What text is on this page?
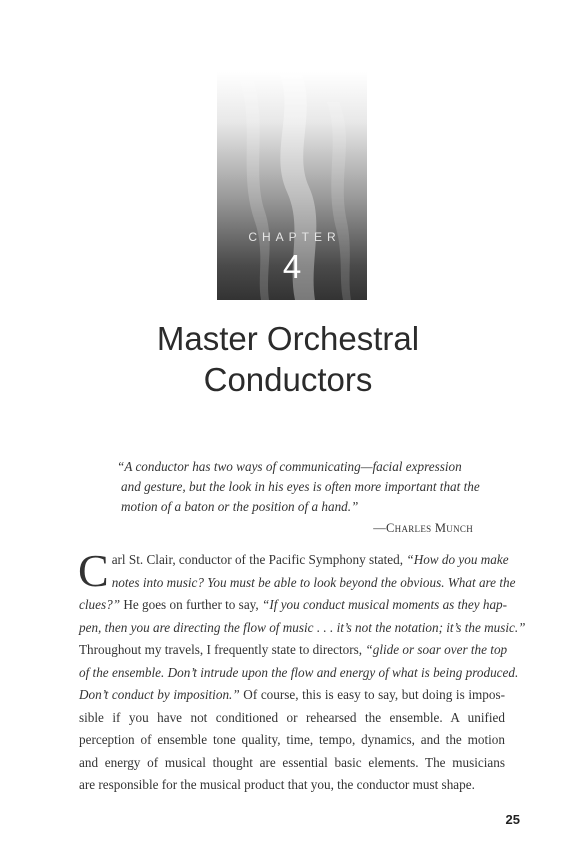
CHAPTER
4
Master Orchestral
Conductors
“A conductor has two ways of communicating—facial expression
and gesture, but the look in his eyes is often more important that the
motion of a baton or the position of a hand.”
—Charles Munch
C arl St. Clair, conductor of the Pacific Symphony stated, “How do you make
notes into music? You must be able to look beyond the obvious. What are the
clues?” He goes on further to say, “If you conduct musical moments as they hap-
pen, then you are directing the flow of music . . . it’s not the notation; it’s the music.”
Throughout my travels, I frequently state to directors, “glide or soar over the top
of the ensemble. Don’t intrude upon the flow and energy of what is being produced.
Don’t conduct by imposition.” Of course, this is easy to say, but doing is impos-
sible if you have not conditioned or rehearsed the ensemble. A unified
perception of ensemble tone quality, time, tempo, dynamics, and the motion
and energy of musical thought are essential basic elements. The musicians
are responsible for the musical product that you, the conductor must shape.
25
